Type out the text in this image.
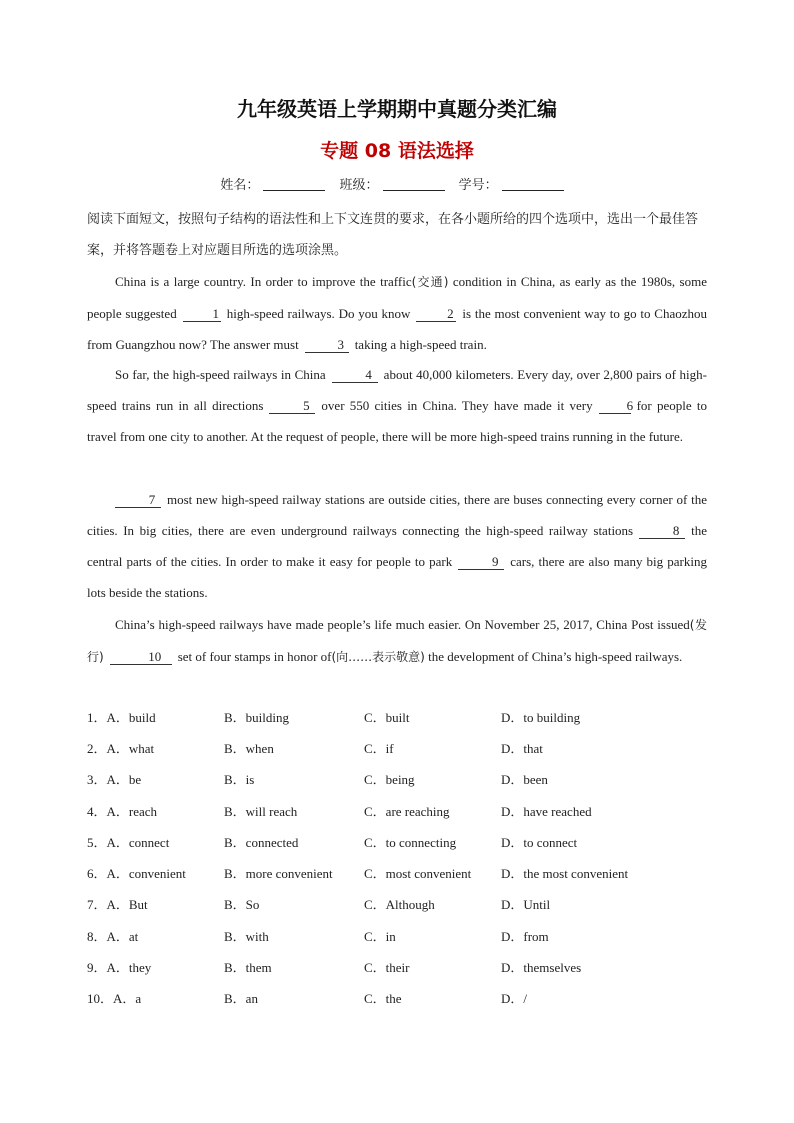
九年级英语上学期期中真题分类汇编
专题 08 语法选择
姓名：	班级：	学号：
阅读下面短文，按照句子结构的语法性和上下文连贯的要求，在各小题所给的四个选项中，选出一个最佳答案，并将答题卷上对应题目所选的选项涂黑。
China is a large country. In order to improve the traffic(交通) condition in China, as early as the 1980s, some people suggested	1 high-speed railways. Do you know	2 is the most convenient way to go to Chaozhou from Guangzhou now? The answer must	3 taking a high-speed train.
So far, the high-speed railways in China	4 about 40,000 kilometers. Every day, over 2,800 pairs of high-speed trains run in all directions	5 over 550 cities in China. They have made it very	6 for people to travel from one city to another. At the request of people, there will be more high-speed trains running in the future.
7 most new high-speed railway stations are outside cities, there are buses connecting every corner of the cities. In big cities, there are even underground railways connecting the high-speed railway stations	8 the central parts of the cities. In order to make it easy for people to park	9 cars, there are also many big parking lots beside the stations.
China’s high-speed railways have made people’s life much easier. On November 25, 2017, China Post issued(发行)	10 set of four stamps in honor of(向……表示敬意) the development of China’s high-speed railways.
1．A．build	B．building	C．built	D．to building
2．A．what	B．when	C．if	D．that
3．A．be	B．is	C．being	D．been
4．A．reach	B．will reach	C．are reaching	D．have reached
5．A．connect	B．connected	C．to connecting	D．to connect
6．A．convenient	B．more convenient C．most convenient D．the most convenient
7．A．But	B．So	C．Although	D．Until
8．A．at	B．with	C．in	D．from
9．A．they	B．them	C．their	D．themselves
10．A．a	B．an	C．the	D．/
